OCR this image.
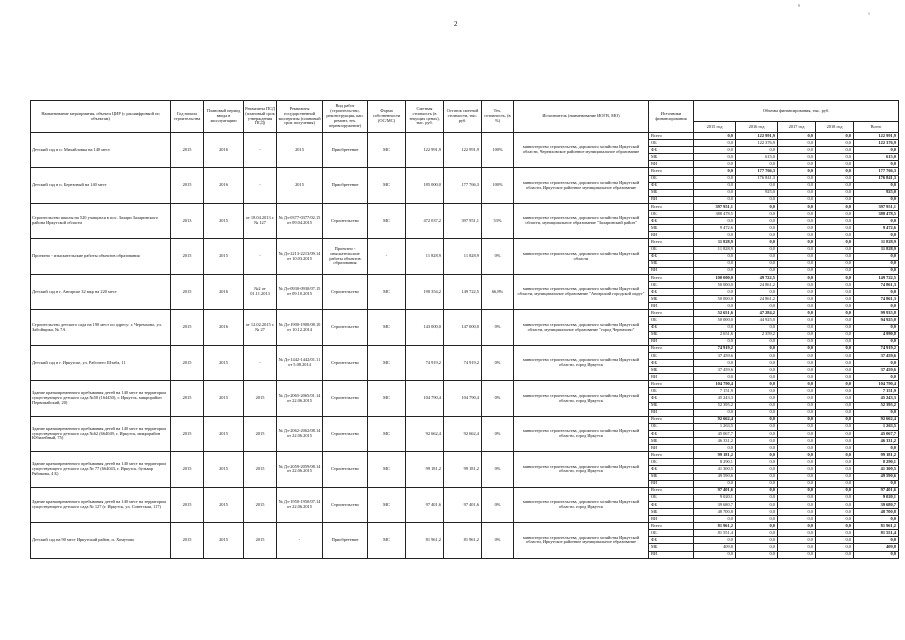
2
ⁿ
ᵃ
Наименование мероприятия, объекта ЦИР (с расшифровкой по объектам)	Год начала строительства	Плановый период ввода в эксплуатацию	Реквизиты ПСД (плановый срок утверждения ПСД)	Реквизиты государственной экспертизы (плановый срок получения)	Вид работ (строительство, реконструкция, кап. ремонт, тех. перевооружение)	Форма собственности (ОС/МС)	Сметная стоимость (в текущих ценах), тыс. руб.	Остаток сметной стоимости, тыс. руб.	Тех. готовность, (в %)	Исполнитель (наименование ИОГВ, МО)	Источники финансирования	Объемы финансирования, тыс. руб.				
												2015 год	2016 год	2017 год	2018 год	Всего
Детский сад в п. Михайловка на 140 мест	2015	2016	-	2015	Приобретение	МС	122 991,9	122 991,9	100%	министерство строительства, дорожного хозяйства Иркутской области, Черемховское районное муниципальное образование	Всего	0,0	122 991,9	0,0	0,0	122 991,9
											ОБ	0,0	122 376,9	0,0	0,0	122 376,9
											ФБ	0,0	0,0	0,0	0,0	0,0
											МБ	0,0	615,0	0,0	0,0	615,0
											ВИ	0,0	0,0	0,0	0,0	0,0
Детский сад в п. Березовый на 140 мест	2015	2016	-	2015	Приобретение	МС	185 000,0	177 766,3	100%	министерство строительства, дорожного хозяйства Иркутской области, Иркутское районное муниципальное образование	Всего	0,0	177 766,3	0,0	0,0	177 766,3
											ОБ	0,0	176 841,3	0,0	0,0	176 841,3
											ФБ	0,0	0,0	0,0	0,0	0,0
											МБ	0,0	925,0	0,0	0,0	925,0
											ВИ	0,0	0,0	0,0	0,0	0,0
Строительство школы на 520 учащихся в пос. Залари Заларинского района Иркутской области	2013	2015	от 18.04.2013 г. № 127	№ Дз-0377-0377/02.15 от 09.04.2015	Строительство	МС	472 037,2	397 951,1	53%	министерство строительства, дорожного хозяйства Иркутской области, муниципальное образование "Заларинский район"	Всего	397 951,1	0,0	0,0	0,0	397 951,1
											ОБ	388 478,5	0,0	0,0	0,0	388 478,5
											ФБ	0,0	0,0	0,0	0,0	0,0
											МБ	9 472,6	0,0	0,0	0,0	9 472,6
											ВИ	0,0	0,0	0,0	0,0	0,0
Проектно - изыскательские работы объектов образования	2015	2015	-	№ Дз-2213-2213/09.14 от 10.03.2015	Проектно - изыскательские работы объектов образования	-	11 828,9	11 828,9	0%	министерство строительства, дорожного хозяйства Иркутской области	Всего	11 828,9	0,0	0,0	0,0	11 828,9
											ОБ	11 828,9	0,0	0,0	0,0	11 828,9
											ФБ	0,0	0,0	0,0	0,0	0,0
											МБ	0,0	0,0	0,0	0,0	0,0
											ВИ	0,0	0,0	0,0	0,0	0,0
Детский сад в г. Ангарске 32 мкр на 220 мест	2015	2016	№2 от 01.11.2013	№ Дз-0930-0930/07.15 от 09.10.2015	Строительство	МС	190 354,2	149 722,5	66,8%	министерство строительства, дорожного хозяйства Иркутской области, муниципальное образование "Ангарский городской округ"	Всего	100 000,0	49 722,5	0,0	0,0	149 722,5
											ОБ	50 000,0	24 861,2	0,0	0,0	74 861,3
											ФБ	0,0	0,0	0,0	0,0	0,0
											МБ	50 000,0	24 861,2	0,0	0,0	74 861,3
											ВИ	0,0	0,0	0,0	0,0	0,0
Строительство детского сада на 190 мест по адресу: г. Черемхово, ул. Забойщика, № 7А	2015	2016	от 12.02.2015 г. № 27	№ Дз-1900-1900/08.10 от 10.12.2014	Строительство	МС	143 000,0	147 000,0	0%	министерство строительства, дорожного хозяйства Иркутской области, муниципальное образование "город Черемхово"	Всего	52 651,6	47 284,2	0,0	0,0	99 935,8
											ОБ	50 000,0	44 925,0	0,0	0,0	94 925,0
											ФБ	0,0	0,0	0,0	0,0	0,0
											МБ	2 651,6	2 359,2	0,0	0,0	4 990,8
											ВИ	0,0	0,0	0,0	0,0	0,0
Детский сад в г. Иркутске, ул. Рабочего Штаба, 11	2015	2015	-	№ Дз-1442-1442/01.11 от 5.08.2014	Строительство	МС	74 919,2	74 919,2	0%	министерство строительства, дорожного хозяйства Иркутской области, город Иркутск	Всего	74 919,2	0,0	0,0	0,0	74 919,2
											ОБ	37 459,6	0,0	0,0	0,0	37 459,6
											ФБ	0,0	0,0	0,0	0,0	0,0
											МБ	37 459,6	0,0	0,0	0,0	37 459,6
											ВИ	0,0	0,0	0,0	0,0	0,0
Здание кратковременного пребывания детей на 140 мест на территории существующего детского сада №50 (164450), г. Иркутск, микрорайон Первомайский, 20)	2015	2015	2015	№ Дз-2065-2065/01.14 от 22.06.2015	Строительство	МС	104 790,4	104 790,4	0%	министерство строительства, дорожного хозяйства Иркутской области, город Иркутск	Всего	104 790,4	0,0	0,0	0,0	104 790,4
											ОБ	7 151,9	0,0	0,0	0,0	7 151,9
											ФБ	45 243,3	0,0	0,0	0,0	45 243,3
											МБ	52 395,2	0,0	0,0	0,0	52 395,2
											ВИ	0,0	0,0	0,0	0,0	0,0
Здание кратковременного пребывания детей на 140 мест на территории существующего детского сада №62 (664049, г. Иркутск, микрорайон Юбилейный, 75)	2015	2015	2015	№ Дз-2062-2062/08.14 от 22.06.2015	Строительство	МС	92 662,4	92 662,4	0%	министерство строительства, дорожного хозяйства Иркутской области, город Иркутск	Всего	92 662,4	0,0	0,0	0,0	92 662,4
											ОБ	1 263,5	0,0	0,0	0,0	1 263,5
											ФБ	45 067,7	0,0	0,0	0,0	45 067,7
											МБ	46 331,2	0,0	0,0	0,0	46 331,2
											ВИ	0,0	0,0	0,0	0,0	0,0
Здание кратковременного пребывания детей на 140 мест на территории существующего детского сада № 77 (664043, г. Иркутск, бульвар Рябикова, 4 Б)	2015	2015	2015	№ Дз-2059-2059/08.14 от 22.06.2015	Строительство	МС	99 181,2	99 181,2	0%	министерство строительства, дорожного хозяйства Иркутской области, город Иркутск	Всего	99 181,2	0,0	0,0	0,0	99 181,2
											ОБ	8 290,1	0,0	0,0	0,0	8 290,1
											ФБ	41 300,5	0,0	0,0	0,0	41 300,5
											МБ	49 590,6	0,0	0,0	0,0	49 590,6
											ВИ	0,0	0,0	0,0	0,0	0,0
Здание кратковременного пребывания детей на 140 мест на территории существующего детского сада № 127 (г. Иркутск, ул. Советская, 117)	2015	2015	2015	№ Дз-1950-1950/07.14 от 22.06.2015	Строительство	МС	97 401,6	97 401,6	0%	министерство строительства, дорожного хозяйства Иркутской области, город Иркутск	Всего	97 401,6	0,0	0,0	0,0	97 401,6
											ОБ	9 020,1	0,0	0,0	0,0	9 020,1
											ФБ	39 680,7	0,0	0,0	0,0	39 680,7
											МБ	48 700,8	0,0	0,0	0,0	48 700,8
											ВИ	0,0	0,0	0,0	0,0	0,0
Детский сад на 90 мест Иркутский район, п. Хомутово	2015	2015	2015	-	Приобретение	МС	81 961,2	81 961,2	0%	министерство строительства, дорожного хозяйства Иркутской области, Иркутское районное муниципальное образование	Всего	81 961,2	0,0	0,0	0,0	81 961,2
											ОБ	81 551,4	0,0	0,0	0,0	81 551,4
											ФБ	0,0	0,0	0,0	0,0	0,0
											МБ	409,8	0,0	0,0	0,0	409,8
											ВИ	0,0	0,0	0,0	0,0	0,0
